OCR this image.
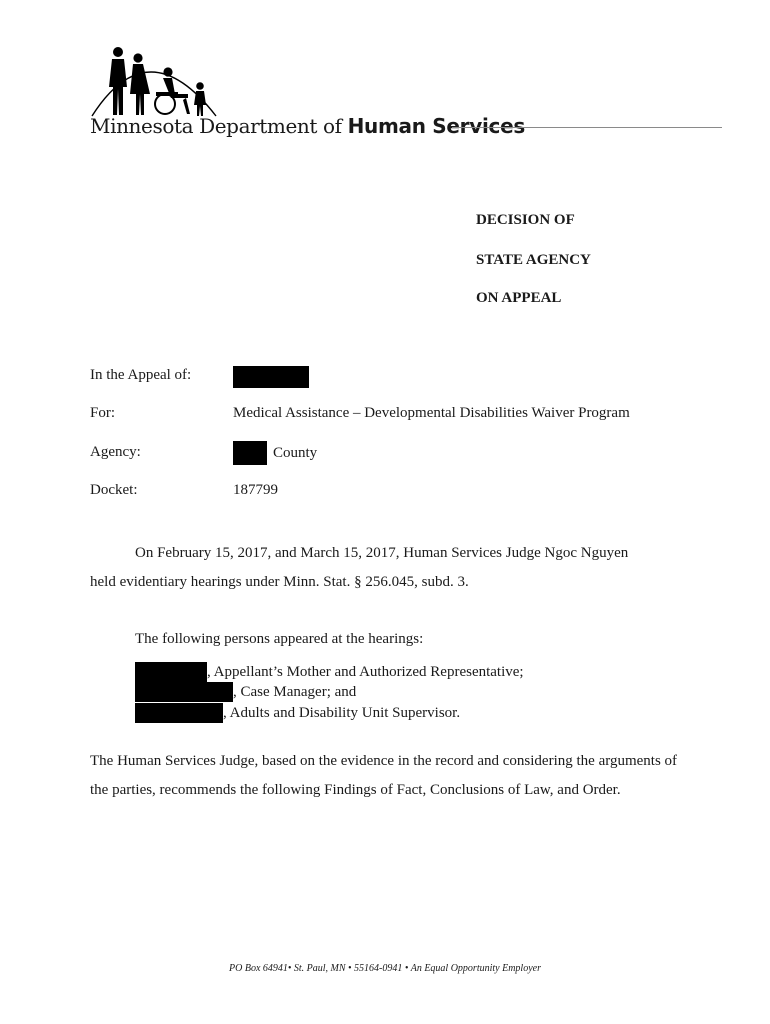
Minnesota Department of Human Services
DECISION OF
STATE AGENCY
ON APPEAL
In the Appeal of:
For:	Medical Assistance – Developmental Disabilities Waiver Program
Agency:	County
Docket:	187799
On February 15, 2017, and March 15, 2017, Human Services Judge Ngoc Nguyen
held evidentiary hearings under Minn. Stat. § 256.045, subd. 3.
The following persons appeared at the hearings:
, Appellant’s Mother and Authorized Representative;
, Case Manager; and
, Adults and Disability Unit Supervisor.
The Human Services Judge, based on the evidence in the record and considering the arguments of the parties, recommends the following Findings of Fact, Conclusions of Law, and Order.
PO Box 64941• St. Paul, MN • 55164-0941 • An Equal Opportunity Employer
